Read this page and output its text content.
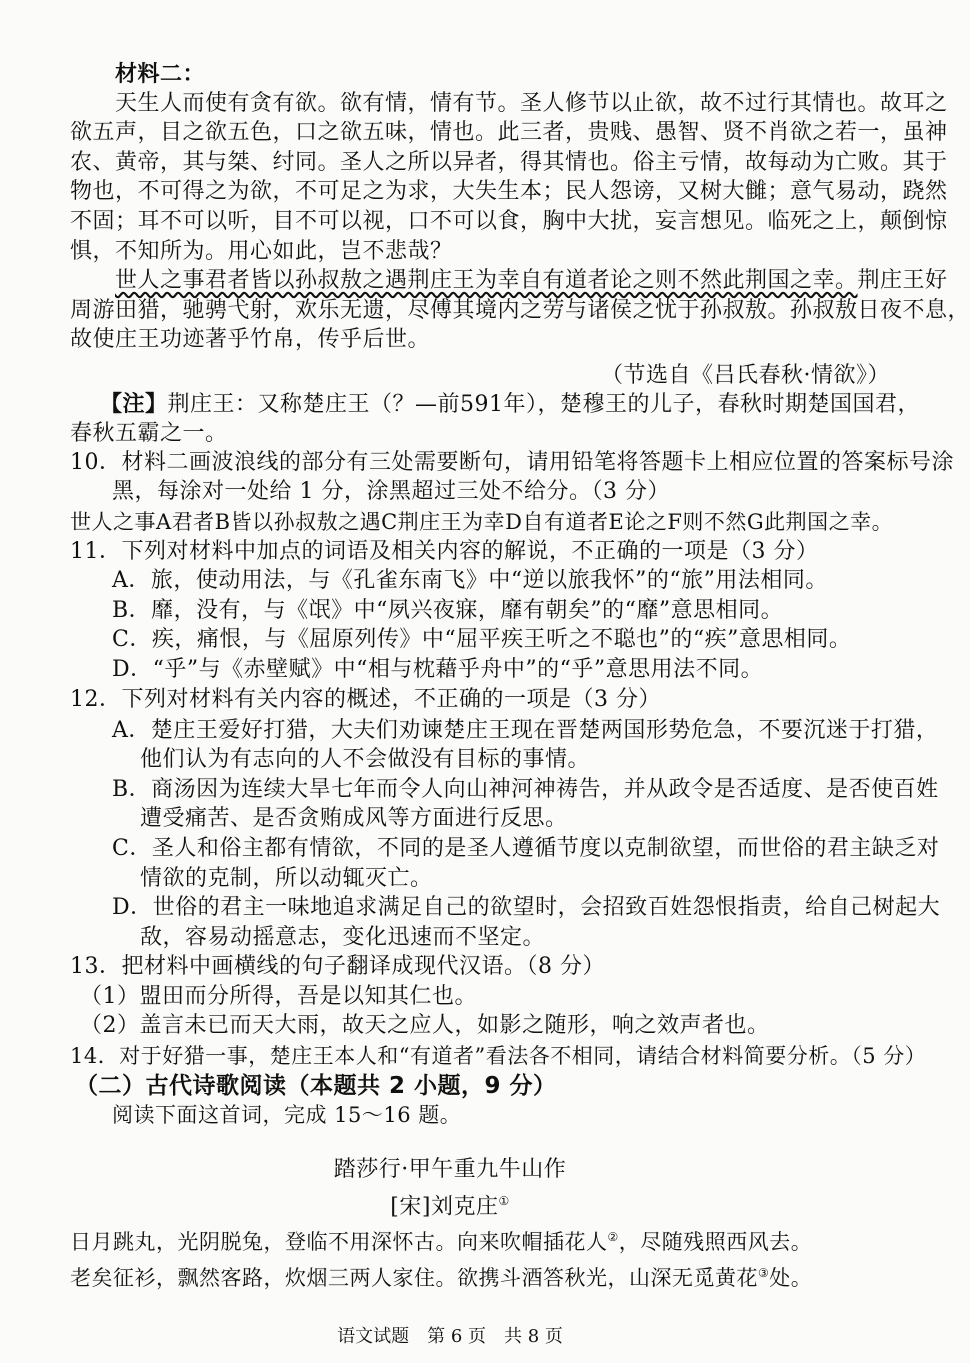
材料二：
天生人而使有贪有欲。欲有情，情有节。圣人修节以止欲，故不过行其情也。故耳之
欲五声，目之欲五色，口之欲五味，情也。此三者，贵贱、愚智、贤不肖欲之若一，虽神
农、黄帝，其与桀、纣同。圣人之所以异者，得其情也。俗主亏情，故每动为亡败。其于
物也，不可得之为欲，不可足之为求，大失生本；民人怨谤，又树大雠；意气易动，跷然
不固；耳不可以听，目不可以视，口不可以食，胸中大扰，妄言想见。临死之上，颠倒惊
惧，不知所为。用心如此，岂不悲哉？
世人之事君者皆以孙叔敖之遇荆庄王为幸自有道者论之则不然此荆国之幸。荆庄王好
周游田猎，驰骋弋射，欢乐无遗，尽傅其境内之劳与诸侯之忧于孙叔敖。孙叔敖日夜不息，
故使庄王功迹著乎竹帛，传乎后世。
（节选自《吕氏春秋·情欲》）
【注】荆庄王：又称楚庄王（？—前591年），楚穆王的儿子，春秋时期楚国国君，
春秋五霸之一。
10．材料二画波浪线的部分有三处需要断句，请用铅笔将答题卡上相应位置的答案标号涂
黑，每涂对一处给 1 分，涂黑超过三处不给分。（3 分）
世人之事A君者B皆以孙叔敖之遇C荆庄王为幸D自有道者E论之F则不然G此荆国之幸。
11．下列对材料中加点的词语及相关内容的解说，不正确的一项是（3 分）
A．旅，使动用法，与《孔雀东南飞》中“逆以旅我怀”的“旅”用法相同。
B．靡，没有，与《氓》中“夙兴夜寐，靡有朝矣”的“靡”意思相同。
C．疾，痛恨，与《屈原列传》中“屈平疾王听之不聪也”的“疾”意思相同。
D．“乎”与《赤壁赋》中“相与枕藉乎舟中”的“乎”意思用法不同。
12．下列对材料有关内容的概述，不正确的一项是（3 分）
A．楚庄王爱好打猎，大夫们劝谏楚庄王现在晋楚两国形势危急，不要沉迷于打猎，
他们认为有志向的人不会做没有目标的事情。
B．商汤因为连续大旱七年而令人向山神河神祷告，并从政令是否适度、是否使百姓
遭受痛苦、是否贪贿成风等方面进行反思。
C．圣人和俗主都有情欲，不同的是圣人遵循节度以克制欲望，而世俗的君主缺乏对
情欲的克制，所以动辄灭亡。
D．世俗的君主一味地追求满足自己的欲望时，会招致百姓怨恨指责，给自己树起大
敌，容易动摇意志，变化迅速而不坚定。
13．把材料中画横线的句子翻译成现代汉语。（8 分）
（1）盟田而分所得，吾是以知其仁也。
（2）盖言未已而天大雨，故天之应人，如影之随形，响之效声者也。
14．对于好猎一事，楚庄王本人和“有道者”看法各不相同，请结合材料简要分析。（5 分）
（二）古代诗歌阅读（本题共 2 小题，9 分）
阅读下面这首词，完成 15～16 题。
踏莎行·甲午重九牛山作
[宋]刘克庄①
日月跳丸，光阴脱兔，登临不用深怀古。向来吹帽插花人②，尽随残照西风去。
老矣征衫，飘然客路，炊烟三两人家住。欲携斗酒答秋光，山深无觅黄花③处。
语文试题　第 6 页　共 8 页
